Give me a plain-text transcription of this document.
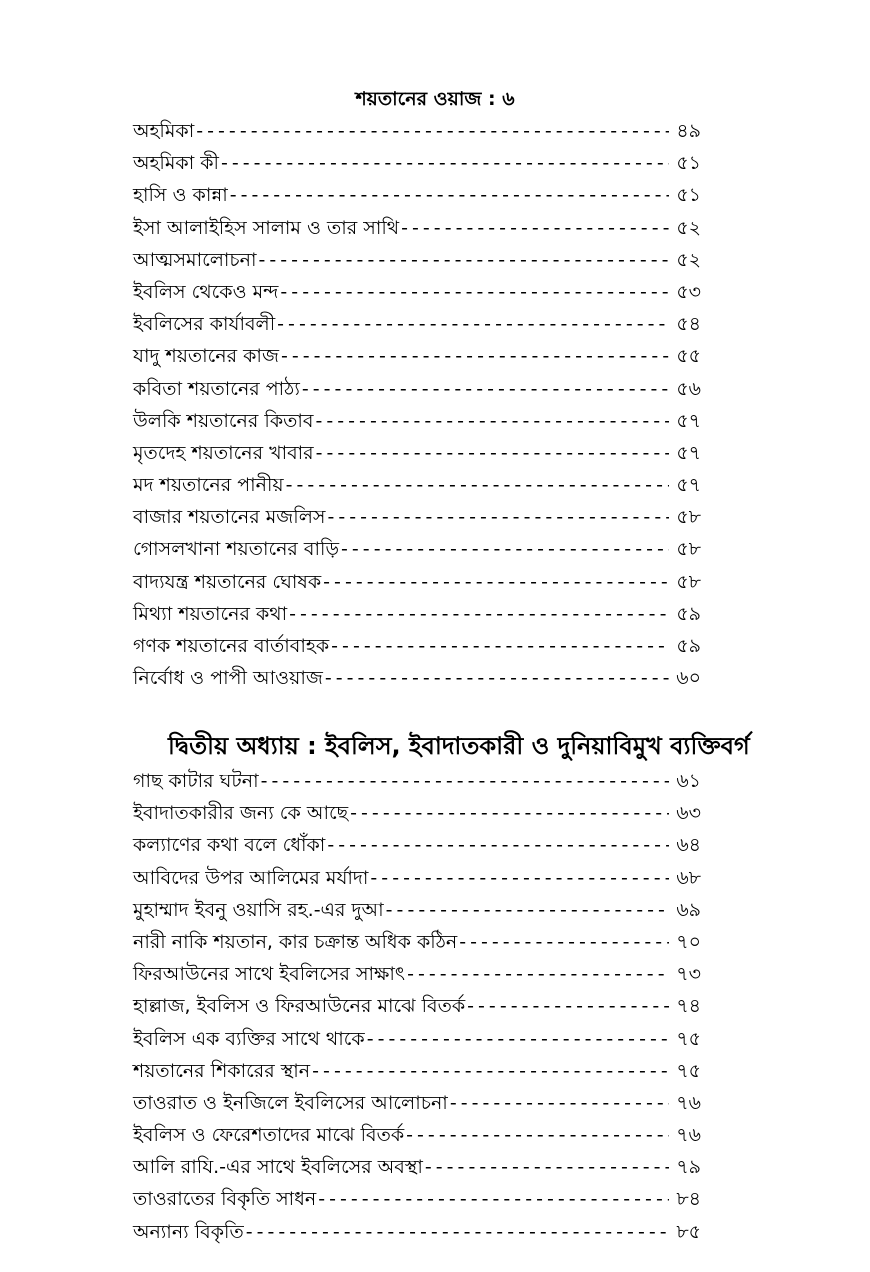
শয়তানের ওয়াজ : ৬
অহমিকা - - -	৪৯
অহমিকা কী - - -	৫১
হাসি ও কান্না - - -	৫১
ইসা আলাইহিস সালাম ও তার সাথি - - -	৫২
আত্মসমালোচনা - - -	৫২
ইবলিস থেকেও মন্দ - - -	৫৩
ইবলিসের কার্যাবলী - - -	৫৪
যাদু শয়তানের কাজ - - -	৫৫
কবিতা শয়তানের পাঠ্য - - -	৫৬
উলকি শয়তানের কিতাব - - -	৫৭
মৃতদেহ শয়তানের খাবার - - -	৫৭
মদ শয়তানের পানীয় - - -	৫৭
বাজার শয়তানের মজলিস - - -	৫৮
গোসলখানা শয়তানের বাড়ি - - -	৫৮
বাদ্যযন্ত্র শয়তানের ঘোষক - - -	৫৮
মিথ্যা শয়তানের কথা - - -	৫৯
গণক শয়তানের বার্তাবাহক - - -	৫৯
নির্বোধ ও পাপী আওয়াজ - - -	৬০
দ্বিতীয় অধ্যায় : ইবলিস, ইবাদাতকারী ও দুনিয়াবিমুখ ব্যক্তিবর্গ
গাছ কাটার ঘটনা - - -	৬১
ইবাদাতকারীর জন্য কে আছে - - -	৬৩
কল্যাণের কথা বলে ধোঁকা - - -	৬৪
আবিদের উপর আলিমের মর্যাদা - - -	৬৮
মুহাম্মাদ ইবনু ওয়াসি রহ.-এর দুআ - - -	৬৯
নারী নাকি শয়তান, কার চক্রান্ত অধিক কঠিন - - -	৭০
ফিরআউনের সাথে ইবলিসের সাক্ষাৎ - - -	৭৩
হাল্লাজ, ইবলিস ও ফিরআউনের মাঝে বিতর্ক - - -	৭৪
ইবলিস এক ব্যক্তির সাথে থাকে - - -	৭৫
শয়তানের শিকারের স্থান - - -	৭৫
তাওরাত ও ইনজিলে ইবলিসের আলোচনা - - -	৭৬
ইবলিস ও ফেরেশতাদের মাঝে বিতর্ক - - -	৭৬
আলি রাযি.-এর সাথে ইবলিসের অবস্থা - - -	৭৯
তাওরাতের বিকৃতি সাধন - - -	৮৪
অন্যান্য বিকৃতি - - -	৮৫
